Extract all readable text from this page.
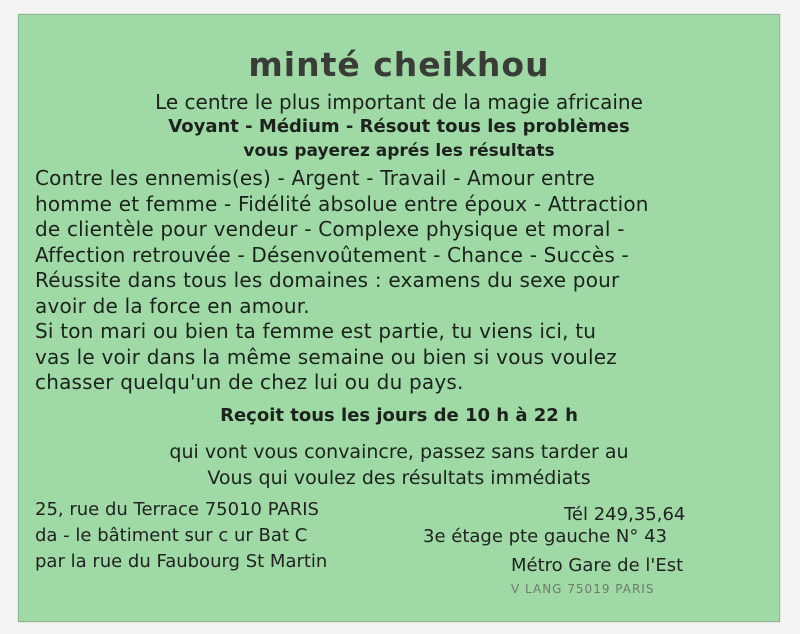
minté cheikhou
Le centre le plus important de la magie africaine
Voyant - Médium - Résout tous les problèmes
vous payerez aprés les résultats
Contre les ennemis(es) - Argent - Travail - Amour entre
homme et femme - Fidélité absolue entre époux - Attraction
de clientèle pour vendeur - Complexe physique et moral -
Affection retrouvée - Désenvoûtement - Chance - Succès -
Réussite dans tous les domaines : examens du sexe pour
avoir de la force en amour.
Si ton mari ou bien ta femme est partie, tu viens ici, tu
vas le voir dans la même semaine ou bien si vous voulez
chasser quelqu'un de chez lui ou du pays.
Reçoit tous les jours de 10 h à 22 h
qui vont vous convaincre, passez sans tarder au
Vous qui voulez des résultats immédiats
25, rue du Terrace 75010 PARIS
da - le bâtiment sur c ur Bat C
par la rue du Faubourg St Martin
Tél 249,35,64
3e étage pte gauche N° 43
Métro Gare de l'Est
V LANG 75019 PARIS
